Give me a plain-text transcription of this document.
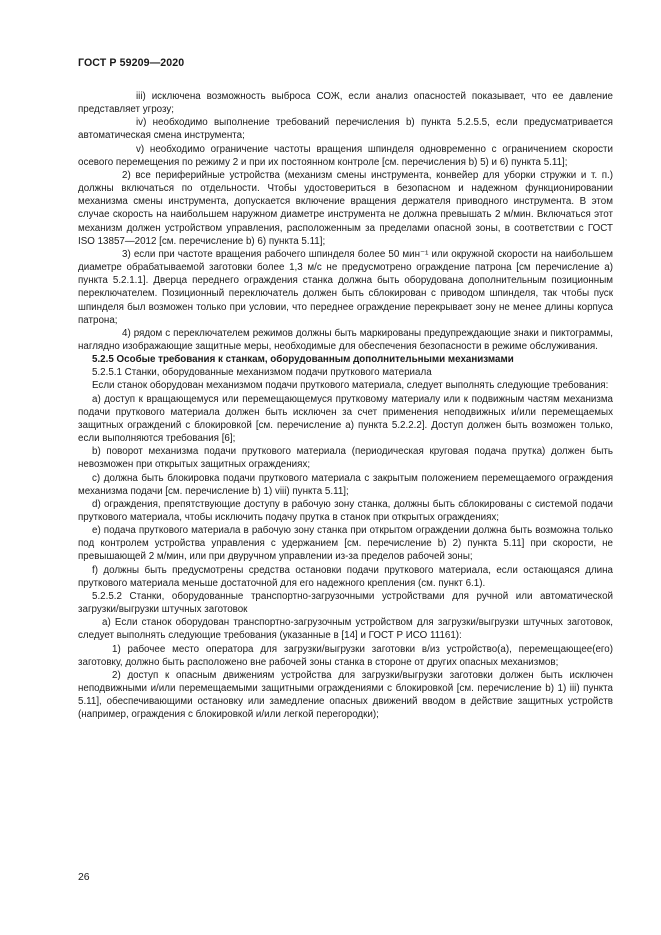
ГОСТ Р 59209—2020

iii) исключена возможность выброса СОЖ, если анализ опасностей показывает, что ее давление представляет угрозу;

iv) необходимо выполнение требований перечисления b) пункта 5.2.5.5, если предусматривается автоматическая смена инструмента;

v) необходимо ограничение частоты вращения шпинделя одновременно с ограничением скорости осевого перемещения по режиму 2 и при их постоянном контроле [см. перечисления b) 5) и 6) пункта 5.11];

2) все периферийные устройства (механизм смены инструмента, конвейер для уборки стружки и т. п.) должны включаться по отдельности. Чтобы удостовериться в безопасном и надежном функционировании механизма смены инструмента, допускается включение вращения держателя приводного инструмента. В этом случае скорость на наибольшем наружном диаметре инструмента не должна превышать 2 м/мин. Включаться этот механизм должен устройством управления, расположенным за пределами опасной зоны, в соответствии с ГОСТ ISO 13857—2012 [см. перечисление b) 6) пункта 5.11];

3) если при частоте вращения рабочего шпинделя более 50 мин⁻¹ или окружной скорости на наибольшем диаметре обрабатываемой заготовки более 1,3 м/с не предусмотрено ограждение патрона [см перечисление а) пункта 5.2.1.1]. Дверца переднего ограждения станка должна быть оборудована дополнительным позиционным переключателем. Позиционный переключатель должен быть сблокирован с приводом шпинделя, так чтобы пуск шпинделя был возможен только при условии, что переднее ограждение перекрывает зону не менее длины корпуса патрона;

4) рядом с переключателем режимов должны быть маркированы предупреждающие знаки и пиктограммы, наглядно изображающие защитные меры, необходимые для обеспечения безопасности в режиме обслуживания.

5.2.5 Особые требования к станкам, оборудованным дополнительными механизмами

5.2.5.1 Станки, оборудованные механизмом подачи пруткового материала

Если станок оборудован механизмом подачи пруткового материала, следует выполнять следующие требования:

а) доступ к вращающемуся или перемещающемуся прутковому материалу или к подвижным частям механизма подачи пруткового материала должен быть исключен за счет применения неподвижных и/или перемещаемых защитных ограждений с блокировкой [см. перечисление а) пункта 5.2.2.2]. Доступ должен быть возможен только, если выполняются требования [6];

b) поворот механизма подачи пруткового материала (периодическая круговая подача прутка) должен быть невозможен при открытых защитных ограждениях;

с) должна быть блокировка подачи пруткового материала с закрытым положением перемещаемого ограждения механизма подачи [см. перечисление b) 1) viii) пункта 5.11];

d) ограждения, препятствующие доступу в рабочую зону станка, должны быть сблокированы с системой подачи пруткового материала, чтобы исключить подачу прутка в станок при открытых ограждениях;

е) подача пруткового материала в рабочую зону станка при открытом ограждении должна быть возможна только под контролем устройства управления с удержанием [см. перечисление b) 2) пункта 5.11] при скорости, не превышающей 2 м/мин, или при двуручном управлении из-за пределов рабочей зоны;

f) должны быть предусмотрены средства остановки подачи пруткового материала, если остающаяся длина пруткового материала меньше достаточной для его надежного крепления (см. пункт 6.1).

5.2.5.2 Станки, оборудованные транспортно-загрузочными устройствами для ручной или автоматической загрузки/выгрузки штучных заготовок

а) Если станок оборудован транспортно-загрузочным устройством для загрузки/выгрузки штучных заготовок, следует выполнять следующие требования (указанные в [14] и ГОСТ Р ИСО 11161):

1) рабочее место оператора для загрузки/выгрузки заготовки в/из устройство(а), перемещающее(его) заготовку, должно быть расположено вне рабочей зоны станка в стороне от других опасных механизмов;

2) доступ к опасным движениям устройства для загрузки/выгрузки заготовки должен быть исключен неподвижными и/или перемещаемыми защитными ограждениями с блокировкой [см. перечисление b) 1) iii) пункта 5.11], обеспечивающими остановку или замедление опасных движений вводом в действие защитных устройств (например, ограждения с блокировкой и/или легкой перегородки);

26
